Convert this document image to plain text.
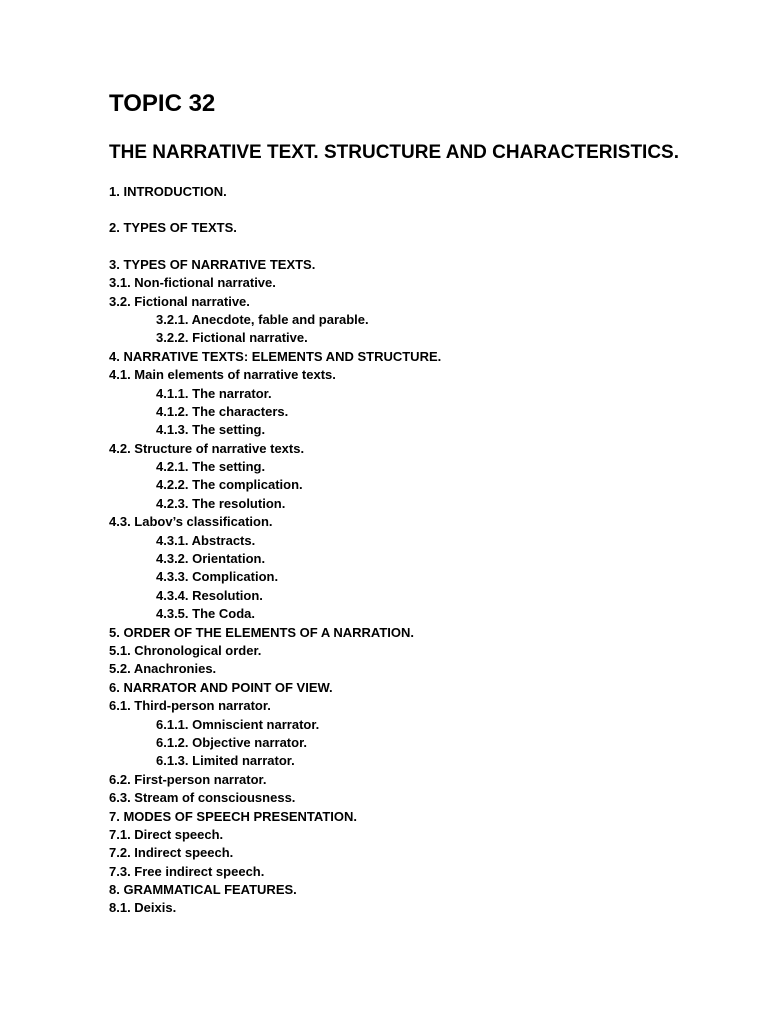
TOPIC 32
THE NARRATIVE TEXT. STRUCTURE AND CHARACTERISTICS.
1. INTRODUCTION.
2. TYPES OF TEXTS.
3. TYPES OF NARRATIVE TEXTS.
3.1. Non-fictional narrative.
3.2. Fictional narrative.
3.2.1. Anecdote, fable and parable.
3.2.2. Fictional narrative.
4. NARRATIVE TEXTS: ELEMENTS AND STRUCTURE.
4.1. Main elements of narrative texts.
4.1.1. The narrator.
4.1.2. The characters.
4.1.3. The setting.
4.2. Structure of narrative texts.
4.2.1. The setting.
4.2.2. The complication.
4.2.3. The resolution.
4.3. Labov’s classification.
4.3.1. Abstracts.
4.3.2. Orientation.
4.3.3. Complication.
4.3.4. Resolution.
4.3.5. The Coda.
5. ORDER OF THE ELEMENTS OF A NARRATION.
5.1. Chronological order.
5.2. Anachronies.
6. NARRATOR AND POINT OF VIEW.
6.1. Third-person narrator.
6.1.1. Omniscient narrator.
6.1.2. Objective narrator.
6.1.3. Limited narrator.
6.2. First-person narrator.
6.3. Stream of consciousness.
7. MODES OF SPEECH PRESENTATION.
7.1. Direct speech.
7.2. Indirect speech.
7.3. Free indirect speech.
8. GRAMMATICAL FEATURES.
8.1. Deixis.
